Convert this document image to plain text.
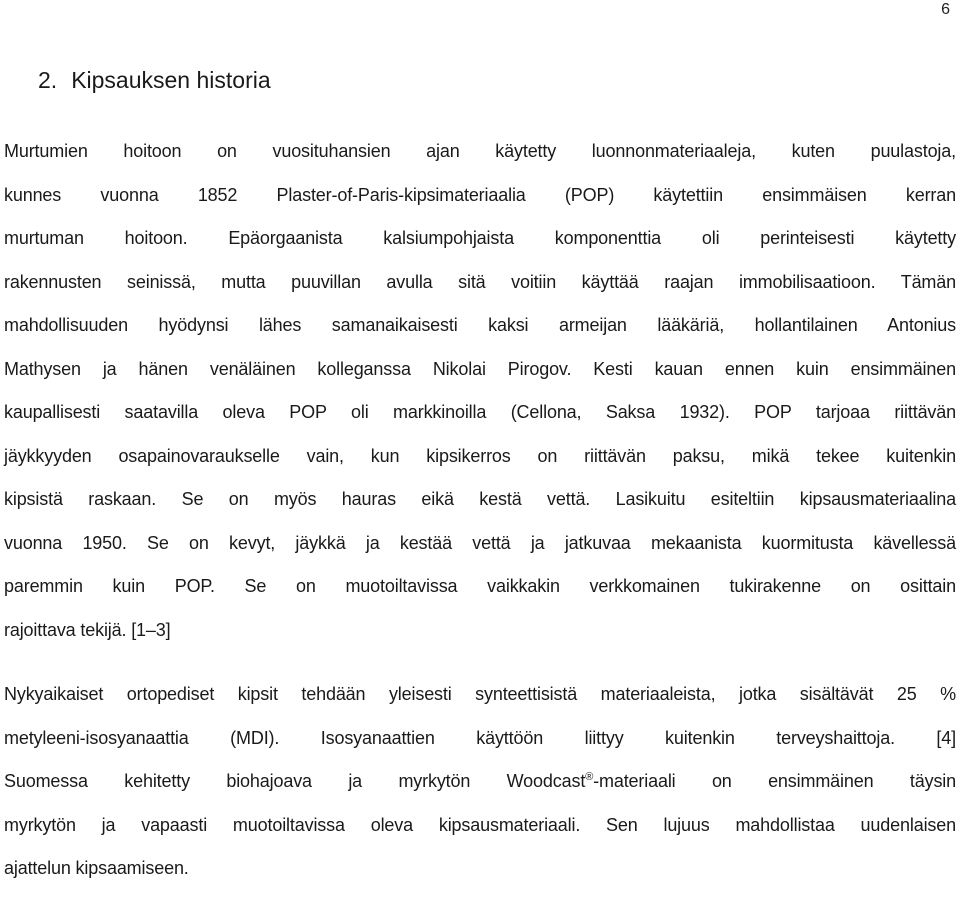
6
2. Kipsauksen historia
Murtumien hoitoon on vuosituhansien ajan käytetty luonnonmateriaaleja, kuten puulastoja,
kunnes vuonna 1852 Plaster-of-Paris-kipsimateriaalia (POP) käytettiin ensimmäisen kerran
murtuman hoitoon. Epäorgaanista kalsiumpohjaista komponenttia oli perinteisesti käytetty
rakennusten seinissä, mutta puuvillan avulla sitä voitiin käyttää raajan immobilisaatioon. Tämän
mahdollisuuden hyödynsi lähes samanaikaisesti kaksi armeijan lääkäriä, hollantilainen Antonius
Mathysen ja hänen venäläinen kolleganssa Nikolai Pirogov. Kesti kauan ennen kuin ensimmäinen
kaupallisesti saatavilla oleva POP oli markkinoilla (Cellona, Saksa 1932). POP tarjoaa riittävän
jäykkyyden osapainovaraukselle vain, kun kipsikerros on riittävän paksu, mikä tekee kuitenkin
kipsistä raskaan. Se on myös hauras eikä kestä vettä. Lasikuitu esiteltiin kipsausmateriaalina
vuonna 1950. Se on kevyt, jäykkä ja kestää vettä ja jatkuvaa mekaanista kuormitusta kävellessä
paremmin kuin POP. Se on muotoiltavissa vaikkakin verkkomainen tukirakenne on osittain
rajoittava tekijä. [1–3]
Nykyaikaiset ortopediset kipsit tehdään yleisesti synteettisistä materiaaleista, jotka sisältävät 25 %
metyleeni-isosyanaattia (MDI). Isosyanaattien käyttöön liittyy kuitenkin terveyshaittoja. [4]
Suomessa kehitetty biohajoava ja myrkytön Woodcast®-materiaali on ensimmäinen täysin
myrkytön ja vapaasti muotoiltavissa oleva kipsausmateriaali. Sen lujuus mahdollistaa uudenlaisen
ajattelun kipsaamiseen.
